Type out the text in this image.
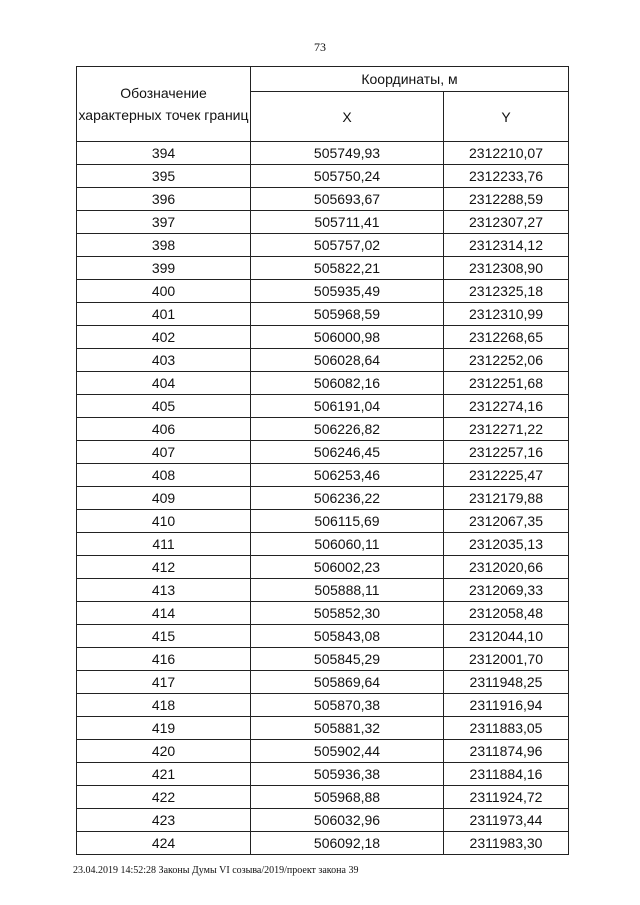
73
Обозначение характерных точек границ	Координаты, м	
	X	Y
394	505749,93	2312210,07
395	505750,24	2312233,76
396	505693,67	2312288,59
397	505711,41	2312307,27
398	505757,02	2312314,12
399	505822,21	2312308,90
400	505935,49	2312325,18
401	505968,59	2312310,99
402	506000,98	2312268,65
403	506028,64	2312252,06
404	506082,16	2312251,68
405	506191,04	2312274,16
406	506226,82	2312271,22
407	506246,45	2312257,16
408	506253,46	2312225,47
409	506236,22	2312179,88
410	506115,69	2312067,35
411	506060,11	2312035,13
412	506002,23	2312020,66
413	505888,11	2312069,33
414	505852,30	2312058,48
415	505843,08	2312044,10
416	505845,29	2312001,70
417	505869,64	2311948,25
418	505870,38	2311916,94
419	505881,32	2311883,05
420	505902,44	2311874,96
421	505936,38	2311884,16
422	505968,88	2311924,72
423	506032,96	2311973,44
424	506092,18	2311983,30
23.04.2019 14:52:28 Законы Думы VI созыва/2019/проект закона 39
